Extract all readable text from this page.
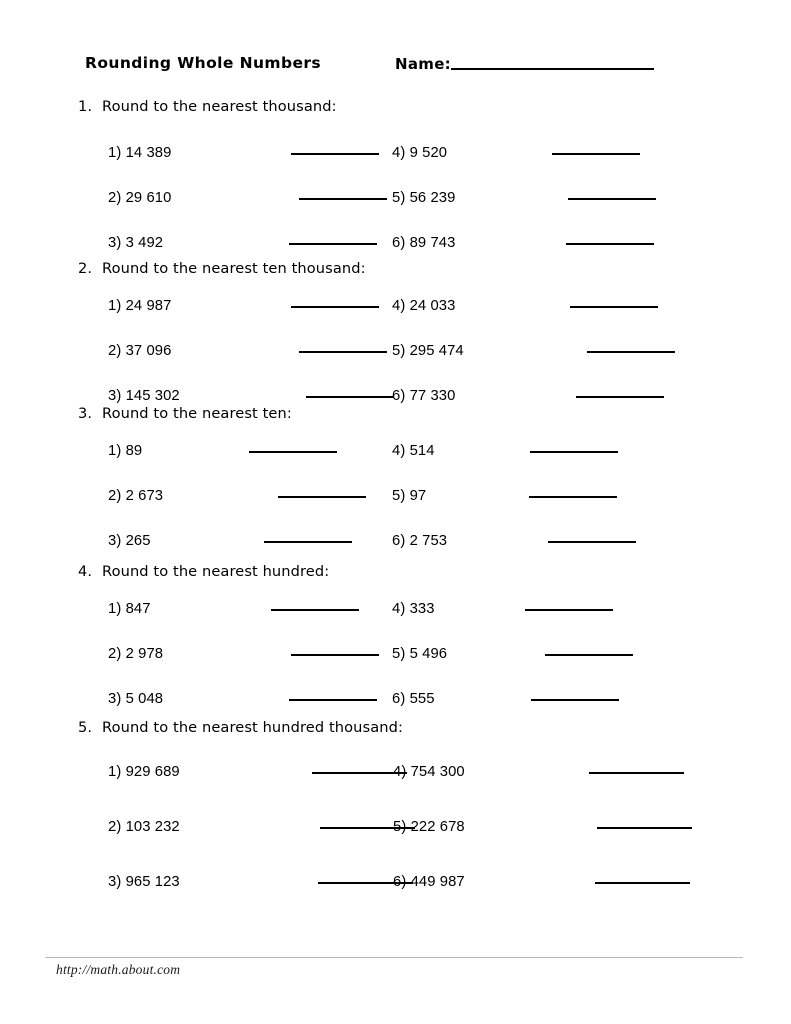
Rounding Whole Numbers	Name:
1. Round to the nearest thousand:
1) 14 389
2) 29 610
3) 3 492
4) 9 520
5) 56 239
6) 89 743
2. Round to the nearest ten thousand:
1) 24 987
2) 37 096
3) 145 302
4) 24 033
5) 295 474
6) 77 330
3. Round to the nearest ten:
1) 89
2) 2 673
3) 265
4) 514
5) 97
6) 2 753
4. Round to the nearest hundred:
1) 847
2) 2 978
3) 5 048
4) 333
5) 5 496
6) 555
5. Round to the nearest hundred thousand:
1) 929 689
2) 103 232
3) 965 123
4) 754 300
5) 222 678
6) 449 987
http://math.about.com
